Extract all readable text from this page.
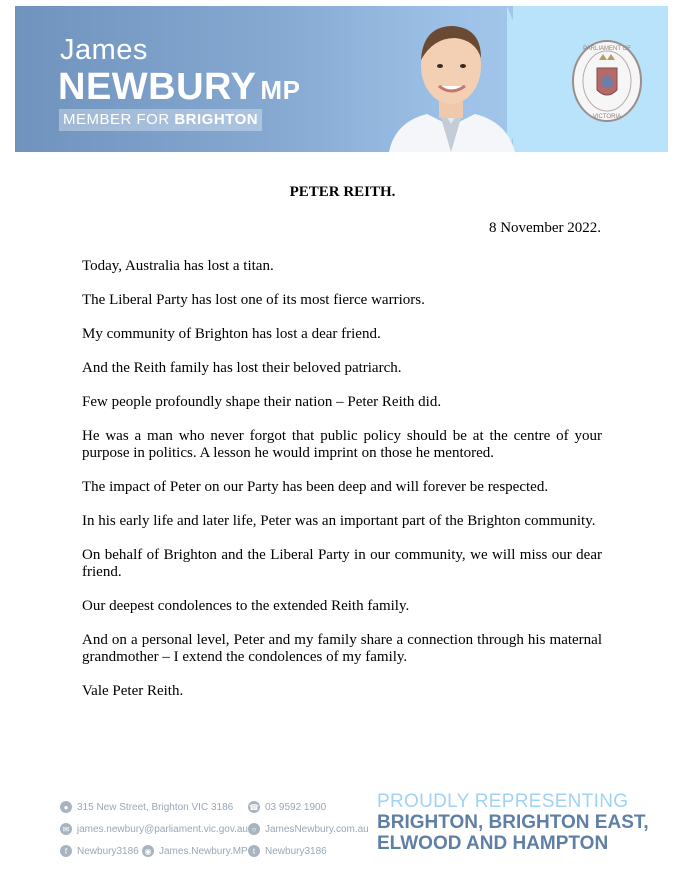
James
NEWBURY MP
MEMBER FOR BRIGHTON
PARLIAMENT OF
VICTORIA
PETER REITH.
8 November 2022.

Today, Australia has lost a titan.

The Liberal Party has lost one of its most fierce warriors.

My community of Brighton has lost a dear friend.

And the Reith family has lost their beloved patriarch.

Few people profoundly shape their nation – Peter Reith did.

He was a man who never forgot that public policy should be at the centre of your purpose in politics. A lesson he would imprint on those he mentored.

The impact of Peter on our Party has been deep and will forever be respected.

In his early life and later life, Peter was an important part of the Brighton community.

On behalf of Brighton and the Liberal Party in our community, we will miss our dear friend.

Our deepest condolences to the extended Reith family.

And on a personal level, Peter and my family share a connection through his maternal grandmother – I extend the condolences of my family.

Vale Peter Reith.

● 315 New Street, Brighton VIC 3186 ☎ 03 9592 1900
✉ james.newbury@parliament.vic.gov.au ○ JamesNewbury.com.au
f Newbury3186 ◉ James.Newbury.MP t Newbury3186
PROUDLY REPRESENTING
BRIGHTON, BRIGHTON EAST,
ELWOOD AND HAMPTON
